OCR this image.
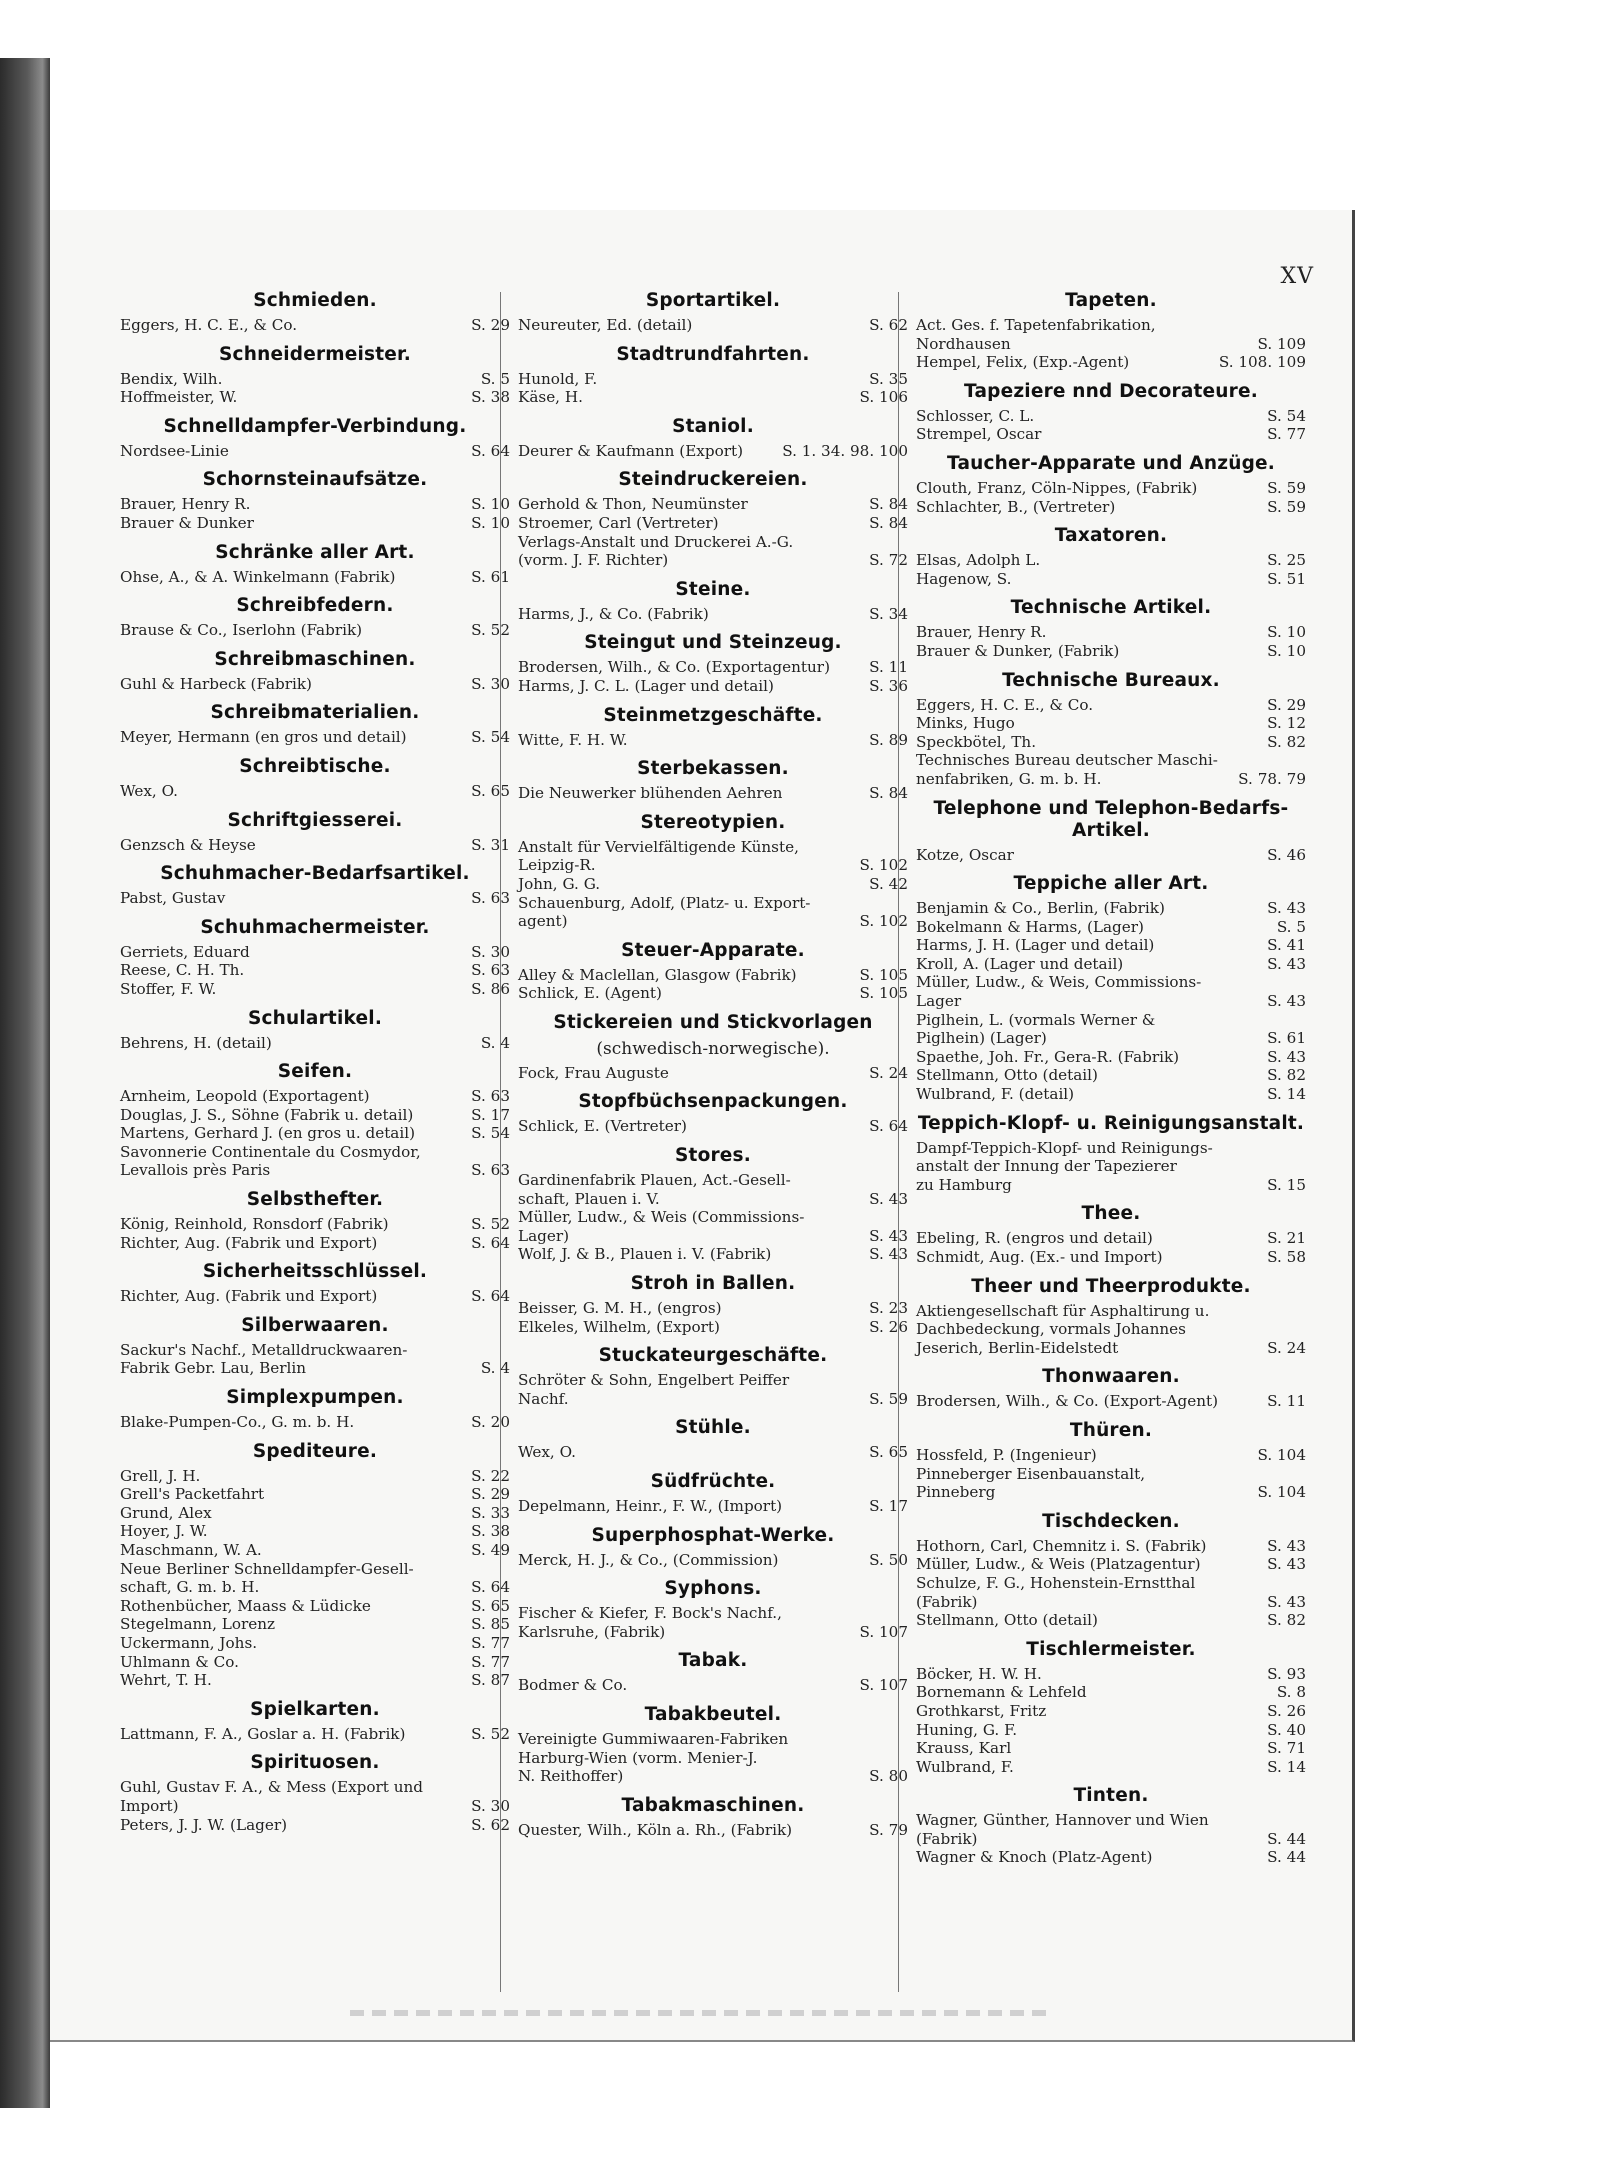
XV
Schmieden.
Eggers, H. C. E., & Co.	S. 29
Schneidermeister.
Bendix, Wilh.	S. 5
Hoffmeister, W.	S. 38
Schnelldampfer-Verbindung.
Nordsee-Linie	S. 64
Schornsteinaufsätze.
Brauer, Henry R.	S. 10
Brauer & Dunker	S. 10
Schränke aller Art.
Ohse, A., & A. Winkelmann (Fabrik)	S. 61
Schreibfedern.
Brause & Co., Iserlohn (Fabrik)	S. 52
Schreibmaschinen.
Guhl & Harbeck (Fabrik)	S. 30
Schreibmaterialien.
Meyer, Hermann (en gros und detail)	S. 54
Schreibtische.
Wex, O.	S. 65
Schriftgiesserei.
Genzsch & Heyse	S. 31
Schuhmacher-Bedarfsartikel.
Pabst, Gustav	S. 63
Schuhmachermeister.
Gerriets, Eduard	S. 30
Reese, C. H. Th.	S. 63
Stoffer, F. W.	S. 86
Schulartikel.
Behrens, H. (detail)	S. 4
Seifen.
Arnheim, Leopold (Exportagent)	S. 63
Douglas, J. S., Söhne (Fabrik u. detail)	S. 17
Martens, Gerhard J. (en gros u. detail)	S. 54
Savonnerie Continentale du Cosmydor,
Levallois près Paris	S. 63
Selbsthefter.
König, Reinhold, Ronsdorf (Fabrik)	S. 52
Richter, Aug. (Fabrik und Export)	S. 64
Sicherheitsschlüssel.
Richter, Aug. (Fabrik und Export)	S. 64
Silberwaaren.
Sackur's Nachf., Metalldruckwaaren-
Fabrik Gebr. Lau, Berlin	S. 4
Simplexpumpen.
Blake-Pumpen-Co., G. m. b. H.	S. 20
Spediteure.
Grell, J. H.	S. 22
Grell's Packetfahrt	S. 29
Grund, Alex	S. 33
Hoyer, J. W.	S. 38
Maschmann, W. A.	S. 49
Neue Berliner Schnelldampfer-Gesell-
schaft, G. m. b. H.	S. 64
Rothenbücher, Maass & Lüdicke	S. 65
Stegelmann, Lorenz	S. 85
Uckermann, Johs.	S. 77
Uhlmann & Co.	S. 77
Wehrt, T. H.	S. 87
Spielkarten.
Lattmann, F. A., Goslar a. H. (Fabrik)	S. 52
Spirituosen.
Guhl, Gustav F. A., & Mess (Export und
Import)	S. 30
Peters, J. J. W. (Lager)	S. 62
Sportartikel.
Neureuter, Ed. (detail)	S. 62
Stadtrundfahrten.
Hunold, F.	S. 35
Käse, H.	S. 106
Staniol.
Deurer & Kaufmann (Export)	S. 1. 34. 98. 100
Steindruckereien.
Gerhold & Thon, Neumünster	S. 84
Stroemer, Carl (Vertreter)	S. 84
Verlags-Anstalt und Druckerei A.-G.
(vorm. J. F. Richter)	S. 72
Steine.
Harms, J., & Co. (Fabrik)	S. 34
Steingut und Steinzeug.
Brodersen, Wilh., & Co. (Exportagentur)	S. 11
Harms, J. C. L. (Lager und detail)	S. 36
Steinmetzgeschäfte.
Witte, F. H. W.	S. 89
Sterbekassen.
Die Neuwerker blühenden Aehren	S. 84
Stereotypien.
Anstalt für Vervielfältigende Künste,
Leipzig-R.	S. 102
John, G. G.	S. 42
Schauenburg, Adolf, (Platz- u. Export-
agent)	S. 102
Steuer-Apparate.
Alley & Maclellan, Glasgow (Fabrik)	S. 105
Schlick, E. (Agent)	S. 105
Stickereien und Stickvorlagen
(schwedisch-norwegische).
Fock, Frau Auguste	S. 24
Stopfbüchsenpackungen.
Schlick, E. (Vertreter)	S. 64
Stores.
Gardinenfabrik Plauen, Act.-Gesell-
schaft, Plauen i. V.	S. 43
Müller, Ludw., & Weis (Commissions-
Lager)	S. 43
Wolf, J. & B., Plauen i. V. (Fabrik)	S. 43
Stroh in Ballen.
Beisser, G. M. H., (engros)	S. 23
Elkeles, Wilhelm, (Export)	S. 26
Stuckateurgeschäfte.
Schröter & Sohn, Engelbert Peiffer
Nachf.	S. 59
Stühle.
Wex, O.	S. 65
Südfrüchte.
Depelmann, Heinr., F. W., (Import)	S. 17
Superphosphat-Werke.
Merck, H. J., & Co., (Commission)	S. 50
Syphons.
Fischer & Kiefer, F. Bock's Nachf.,
Karlsruhe, (Fabrik)	S. 107
Tabak.
Bodmer & Co.	S. 107
Tabakbeutel.
Vereinigte Gummiwaaren-Fabriken
Harburg-Wien (vorm. Menier-J.
N. Reithoffer)	S. 80
Tabakmaschinen.
Quester, Wilh., Köln a. Rh., (Fabrik)	S. 79
Tapeten.
Act. Ges. f. Tapetenfabrikation,
Nordhausen	S. 109
Hempel, Felix, (Exp.-Agent)	S. 108. 109
Tapeziere nnd Decorateure.
Schlosser, C. L.	S. 54
Strempel, Oscar	S. 77
Taucher-Apparate und Anzüge.
Clouth, Franz, Cöln-Nippes, (Fabrik)	S. 59
Schlachter, B., (Vertreter)	S. 59
Taxatoren.
Elsas, Adolph L.	S. 25
Hagenow, S.	S. 51
Technische Artikel.
Brauer, Henry R.	S. 10
Brauer & Dunker, (Fabrik)	S. 10
Technische Bureaux.
Eggers, H. C. E., & Co.	S. 29
Minks, Hugo	S. 12
Speckbötel, Th.	S. 82
Technisches Bureau deutscher Maschi-
nenfabriken, G. m. b. H.	S. 78. 79
Telephone und Telephon-Bedarfs-
Artikel.
Kotze, Oscar	S. 46
Teppiche aller Art.
Benjamin & Co., Berlin, (Fabrik)	S. 43
Bokelmann & Harms, (Lager)	S. 5
Harms, J. H. (Lager und detail)	S. 41
Kroll, A. (Lager und detail)	S. 43
Müller, Ludw., & Weis, Commissions-
Lager	S. 43
Piglhein, L. (vormals Werner &
Piglhein) (Lager)	S. 61
Spaethe, Joh. Fr., Gera-R. (Fabrik)	S. 43
Stellmann, Otto (detail)	S. 82
Wulbrand, F. (detail)	S. 14
Teppich-Klopf- u. Reinigungsanstalt.
Dampf-Teppich-Klopf- und Reinigungs-
anstalt der Innung der Tapezierer
zu Hamburg	S. 15
Thee.
Ebeling, R. (engros und detail)	S. 21
Schmidt, Aug. (Ex.- und Import)	S. 58
Theer und Theerprodukte.
Aktiengesellschaft für Asphaltirung u.
Dachbedeckung, vormals Johannes
Jeserich, Berlin-Eidelstedt	S. 24
Thonwaaren.
Brodersen, Wilh., & Co. (Export-Agent)	S. 11
Thüren.
Hossfeld, P. (Ingenieur)	S. 104
Pinneberger Eisenbauanstalt,
Pinneberg	S. 104
Tischdecken.
Hothorn, Carl, Chemnitz i. S. (Fabrik)	S. 43
Müller, Ludw., & Weis (Platzagentur)	S. 43
Schulze, F. G., Hohenstein-Ernstthal
(Fabrik)	S. 43
Stellmann, Otto (detail)	S. 82
Tischlermeister.
Böcker, H. W. H.	S. 93
Bornemann & Lehfeld	S. 8
Grothkarst, Fritz	S. 26
Huning, G. F.	S. 40
Krauss, Karl	S. 71
Wulbrand, F.	S. 14
Tinten.
Wagner, Günther, Hannover und Wien
(Fabrik)	S. 44
Wagner & Knoch (Platz-Agent)	S. 44
